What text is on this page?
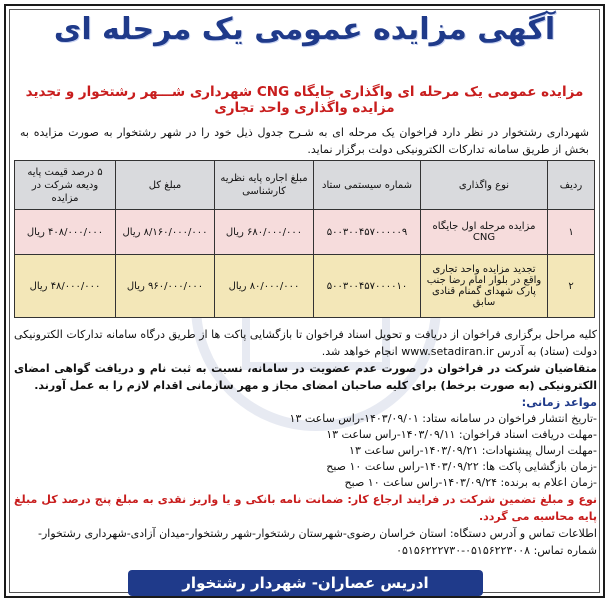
آگهی مزایده عمومی یک مرحله ای
مزایده عمومی یک مرحله ای واگذاری جایگاه CNG شهرداری شـــهر رشتخوار و تجدید مزایده واگذاری واحد تجاری
شهرداری رشتخوار در نظر دارد فراخوان یک مرحله ای به شـرح جدول ذیل خود را در شهر رشتخوار به صورت مزایده به بخش از طریق سامانه تدارکات الکترونیکی دولت برگزار نماید.
ردیف	نوع واگذاری	شماره سیستمی ستاد	مبلغ اجاره پایه نظریه کارشناسی	مبلغ کل	۵ درصد قیمت پایه ودیعه شرکت در مزایده
۱	مزایده مرحله اول جایگاه CNG	۵۰۰۳۰۰۴۵۷۰۰۰۰۰۹	۶۸۰/۰۰۰/۰۰۰ ریال	۸/۱۶۰/۰۰۰/۰۰۰ ریال	۴۰۸/۰۰۰/۰۰۰ ریال
۲	تجدید مزایده واحد تجاری واقع در بلوار امام رضا جنب پارک شهدای گمنام قنادی سابق	۵۰۰۳۰۰۴۵۷۰۰۰۰۱۰	۸۰/۰۰۰/۰۰۰ ریال	۹۶۰/۰۰۰/۰۰۰ ریال	۴۸/۰۰۰/۰۰۰ ریال

کلیه مراحل برگزاری فراخوان از دریافت و تحویل اسناد فراخوان تا بازگشایی پاکت ها از طریق درگاه سامانه تدارکات الکترونیکی دولت (ستاد) به آدرس www.setadiran.ir انجام خواهد شد.

متقاضیان شرکت در فراخوان در صورت عدم عضویت در سامانه، نسبت به ثبت نام و دریافت گواهی امضای الکترونیکی (به صورت برخط) برای کلیه صاحبان امضای مجاز و مهر سازمانی اقدام لازم را به عمل آورند.

مواعد زمانی:
-تاریخ انتشار فراخوان در سامانه ستاد: ۱۴۰۳/۰۹/۰۱-راس ساعت ۱۳
-مهلت دریافت اسناد فراخوان: ۱۴۰۳/۰۹/۱۱-راس ساعت ۱۳
-مهلت ارسال پیشنهادات: ۱۴۰۳/۰۹/۲۱-راس ساعت ۱۳
-زمان بازگشایی پاکت ها: ۱۴۰۳/۰۹/۲۲-راس ساعت ۱۰ صبح
-زمان اعلام به برنده: ۱۴۰۳/۰۹/۲۴-راس ساعت ۱۰ صبح
نوع و مبلغ تضمین شرکت در فرایند ارجاع کار: ضمانت نامه بانکی و یا واریز نقدی به مبلغ پنج درصد کل مبلغ پایه محاسبه می گردد.

اطلاعات تماس و آدرس دستگاه: استان خراسان رضوی-شهرستان رشتخوار-شهر رشتخوار-میدان آزادی-شهرداری رشتخوار-

شماره تماس: ۰۵۱۵۶۲۲۳۰۰۸-۰۵۱۵۶۲۲۲۷۳۰

ادریس عصاران- شهردار رشتخوار
